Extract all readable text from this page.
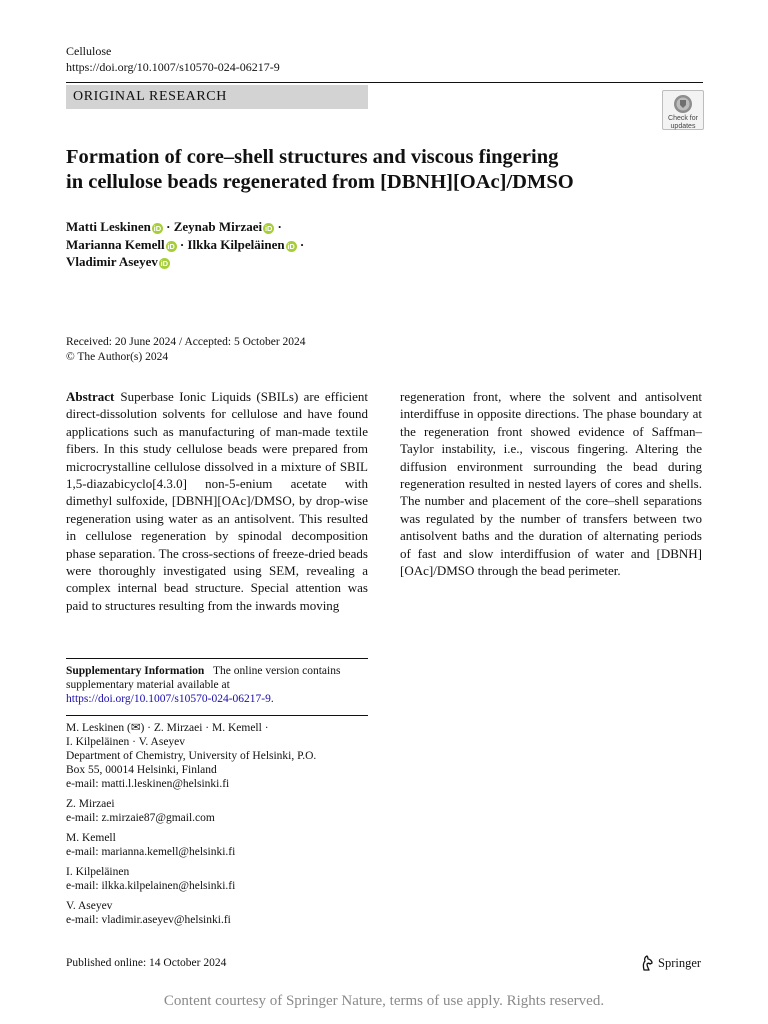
Cellulose
https://doi.org/10.1007/s10570-024-06217-9
ORIGINAL RESEARCH
Check for
updates
Formation of core–shell structures and viscous fingering
in cellulose beads regenerated from [DBNH][OAc]/DMSO
Matti Leskinen iD · Zeynab Mirzaei iD ·
Marianna Kemell iD · Ilkka Kilpeläinen iD ·
Vladimir Aseyev iD
Received: 20 June 2024 / Accepted: 5 October 2024
© The Author(s) 2024
Abstract Superbase Ionic Liquids (SBILs) are efficient direct-dissolution solvents for cellulose and have found applications such as manufacturing of man-made textile fibers. In this study cellulose beads were prepared from microcrystalline cellulose dissolved in a mixture of SBIL 1,5-diazabicyclo[4.3.0] non-5-enium acetate with dimethyl sulfoxide, [DBNH][OAc]/DMSO, by drop-wise regeneration using water as an antisolvent. This resulted in cellulose regeneration by spinodal decomposition phase separation. The cross-sections of freeze-dried beads were thoroughly investigated using SEM, revealing a complex internal bead structure. Special attention was paid to structures resulting from the inwards moving
regeneration front, where the solvent and antisolvent interdiffuse in opposite directions. The phase boundary at the regeneration front showed evidence of Saffman–Taylor instability, i.e., viscous fingering. Altering the diffusion environment surrounding the bead during regeneration resulted in nested layers of cores and shells. The number and placement of the core–shell separations was regulated by the number of transfers between two antisolvent baths and the duration of alternating periods of fast and slow interdiffusion of water and [DBNH][OAc]/DMSO through the bead perimeter.
Supplementary Information The online version contains supplementary material available at https://doi.org/10.1007/s10570-024-06217-9.
M. Leskinen (✉) · Z. Mirzaei · M. Kemell ·
I. Kilpeläinen · V. Aseyev
Department of Chemistry, University of Helsinki, P.O.
Box 55, 00014 Helsinki, Finland
e-mail: matti.l.leskinen@helsinki.fi
Z. Mirzaei
e-mail: z.mirzaie87@gmail.com
M. Kemell
e-mail: marianna.kemell@helsinki.fi
I. Kilpeläinen
e-mail: ilkka.kilpelainen@helsinki.fi
V. Aseyev
e-mail: vladimir.aseyev@helsinki.fi
Published online: 14 October 2024	Springer
Content courtesy of Springer Nature, terms of use apply. Rights reserved.
